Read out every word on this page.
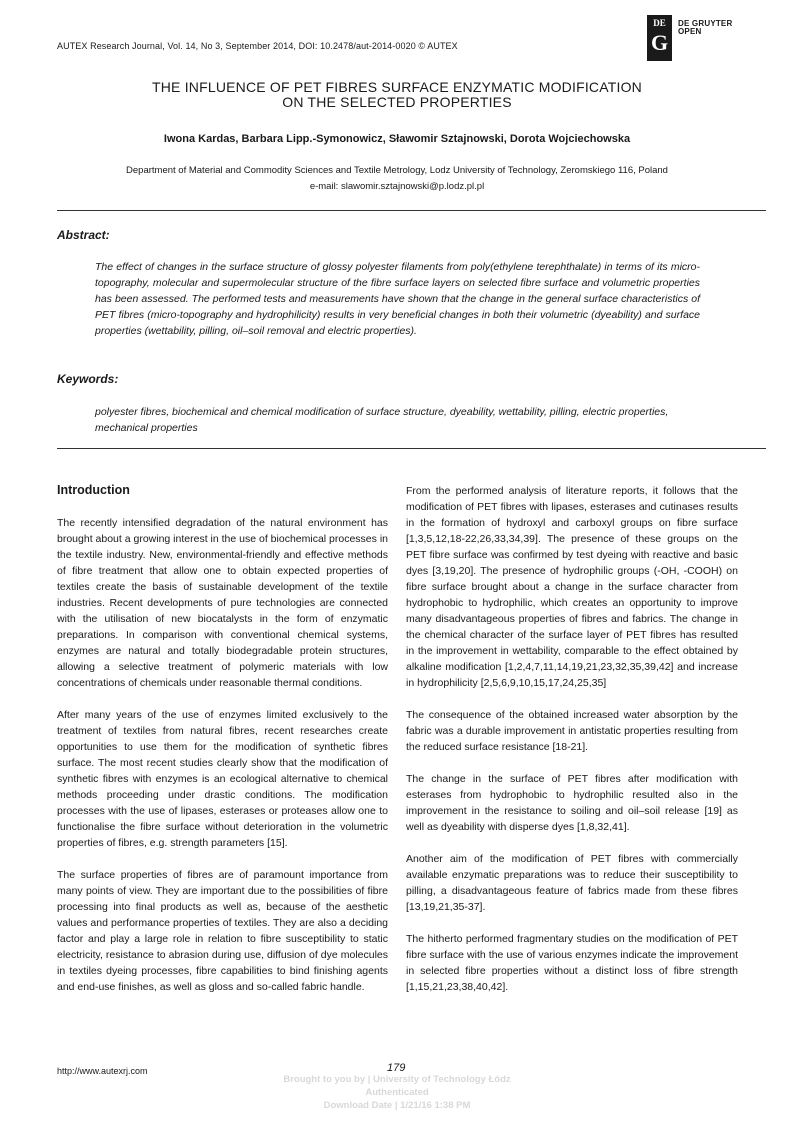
AUTEX Research Journal, Vol. 14, No 3, September 2014, DOI: 10.2478/aut-2014-0020 © AUTEX
DE
G
DE GRUYTER
OPEN
THE INFLUENCE OF PET FIBRES SURFACE ENZYMATIC MODIFICATION
ON THE SELECTED PROPERTIES
Iwona Kardas, Barbara Lipp.-Symonowicz, Sławomir Sztajnowski, Dorota Wojciechowska
Department of Material and Commodity Sciences and Textile Metrology, Lodz University of Technology, Zeromskiego 116, Poland
e-mail: slawomir.sztajnowski@p.lodz.pl.pl
Abstract:
The effect of changes in the surface structure of glossy polyester filaments from poly(ethylene terephthalate) in terms of its micro-topography, molecular and supermolecular structure of the fibre surface layers on selected fibre surface and volumetric properties has been assessed. The performed tests and measurements have shown that the change in the general surface characteristics of PET fibres (micro-topography and hydrophilicity) results in very beneficial changes in both their volumetric (dyeability) and surface properties (wettability, pilling, oil–soil removal and electric properties).
Keywords:
polyester fibres, biochemical and chemical modification of surface structure, dyeability, wettability, pilling, electric properties, mechanical properties
Introduction

The recently intensified degradation of the natural environment has brought about a growing interest in the use of biochemical processes in the textile industry. New, environmental-friendly and effective methods of fibre treatment that allow one to obtain expected properties of textiles create the basis of sustainable development of the textile industries. Recent developments of pure technologies are connected with the utilisation of new biocatalysts in the form of enzymatic preparations. In comparison with conventional chemical systems, enzymes are natural and totally biodegradable protein structures, allowing a selective treatment of polymeric materials with low concentrations of chemicals under reasonable thermal conditions.

After many years of the use of enzymes limited exclusively to the treatment of textiles from natural fibres, recent researches create opportunities to use them for the modification of synthetic fibres surface. The most recent studies clearly show that the modification of synthetic fibres with enzymes is an ecological alternative to chemical methods proceeding under drastic conditions. The modification processes with the use of lipases, esterases or proteases allow one to functionalise the fibre surface without deterioration in the volumetric properties of fibres, e.g. strength parameters [15].

The surface properties of fibres are of paramount importance from many points of view. They are important due to the possibilities of fibre processing into final products as well as, because of the aesthetic values and performance properties of textiles. They are also a deciding factor and play a large role in relation to fibre susceptibility to static electricity, resistance to abrasion during use, diffusion of dye molecules in textiles dyeing processes, fibre capabilities to bind finishing agents and end-use finishes, as well as gloss and so-called fabric handle.

From the performed analysis of literature reports, it follows that the modification of PET fibres with lipases, esterases and cutinases results in the formation of hydroxyl and carboxyl groups on fibre surface [1,3,5,12,18-22,26,33,34,39]. The presence of these groups on the PET fibre surface was confirmed by test dyeing with reactive and basic dyes [3,19,20]. The presence of hydrophilic groups (-OH, -COOH) on fibre surface brought about a change in the surface character from hydrophobic to hydrophilic, which creates an opportunity to improve many disadvantageous properties of fibres and fabrics. The change in the chemical character of the surface layer of PET fibres has resulted in the improvement in wettability, comparable to the effect obtained by alkaline modification [1,2,4,7,11,14,19,21,23,32,35,39,42] and increase in hydrophilicity [2,5,6,9,10,15,17,24,25,35]

The consequence of the obtained increased water absorption by the fabric was a durable improvement in antistatic properties resulting from the reduced surface resistance [18-21].

The change in the surface of PET fibres after modification with esterases from hydrophobic to hydrophilic resulted also in the improvement in the resistance to soiling and oil–soil release [19] as well as dyeability with disperse dyes [1,8,32,41].

Another aim of the modification of PET fibres with commercially available enzymatic preparations was to reduce their susceptibility to pilling, a disadvantageous feature of fabrics made from these fibres [13,19,21,35-37].

The hitherto performed fragmentary studies on the modification of PET fibre surface with the use of various enzymes indicate the improvement in selected fibre properties without a distinct loss of fibre strength [1,15,21,23,38,40,42].

http://www.autexrj.com	179
Brought to you by | University of Technology Łódz
Authenticated
Download Date | 1/21/16 1:38 PM
